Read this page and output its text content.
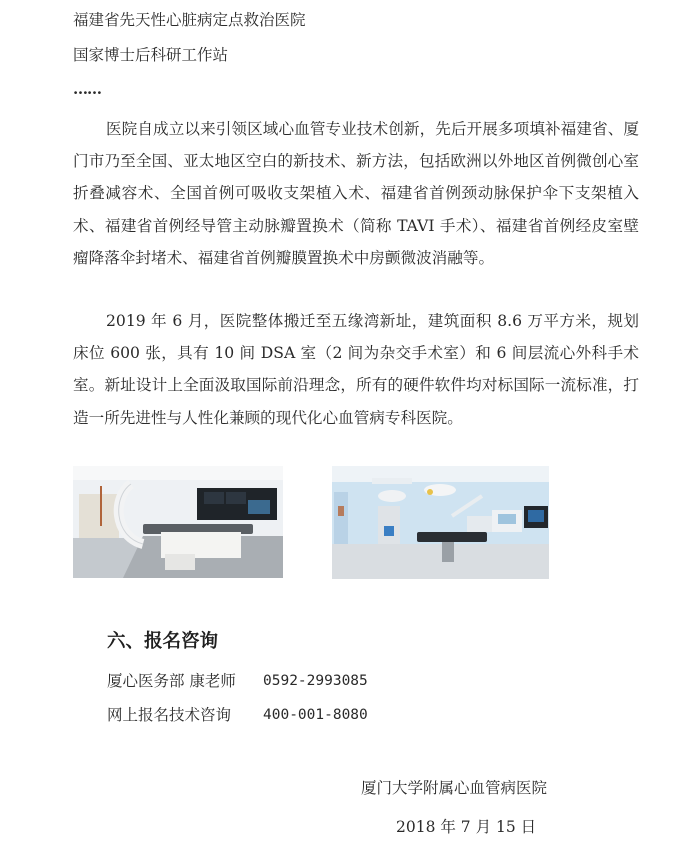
福建省先天性心脏病定点救治医院
国家博士后科研工作站
……

医院自成立以来引领区域心血管专业技术创新，先后开展多项填补福建省、厦门市乃至全国、亚太地区空白的新技术、新方法，包括欧洲以外地区首例微创心室折叠减容术、全国首例可吸收支架植入术、福建省首例颈动脉保护伞下支架植入术、福建省首例经导管主动脉瓣置换术（简称 TAVI 手术）、福建省首例经皮室壁瘤降落伞封堵术、福建省首例瓣膜置换术中房颤微波消融等。

2019 年 6 月，医院整体搬迁至五缘湾新址，建筑面积 8.6 万平方米，规划床位 600 张，具有 10 间 DSA 室（2 间为杂交手术室）和 6 间层流心外科手术室。新址设计上全面汲取国际前沿理念，所有的硬件软件均对标国际一流标准，打造一所先进性与人性化兼顾的现代化心血管病专科医院。

六、报名咨询
厦心医务部 康老师 0592-2993085
网上报名技术咨询 400-001-8080
厦门大学附属心血管病医院
2018 年 7 月 15 日
